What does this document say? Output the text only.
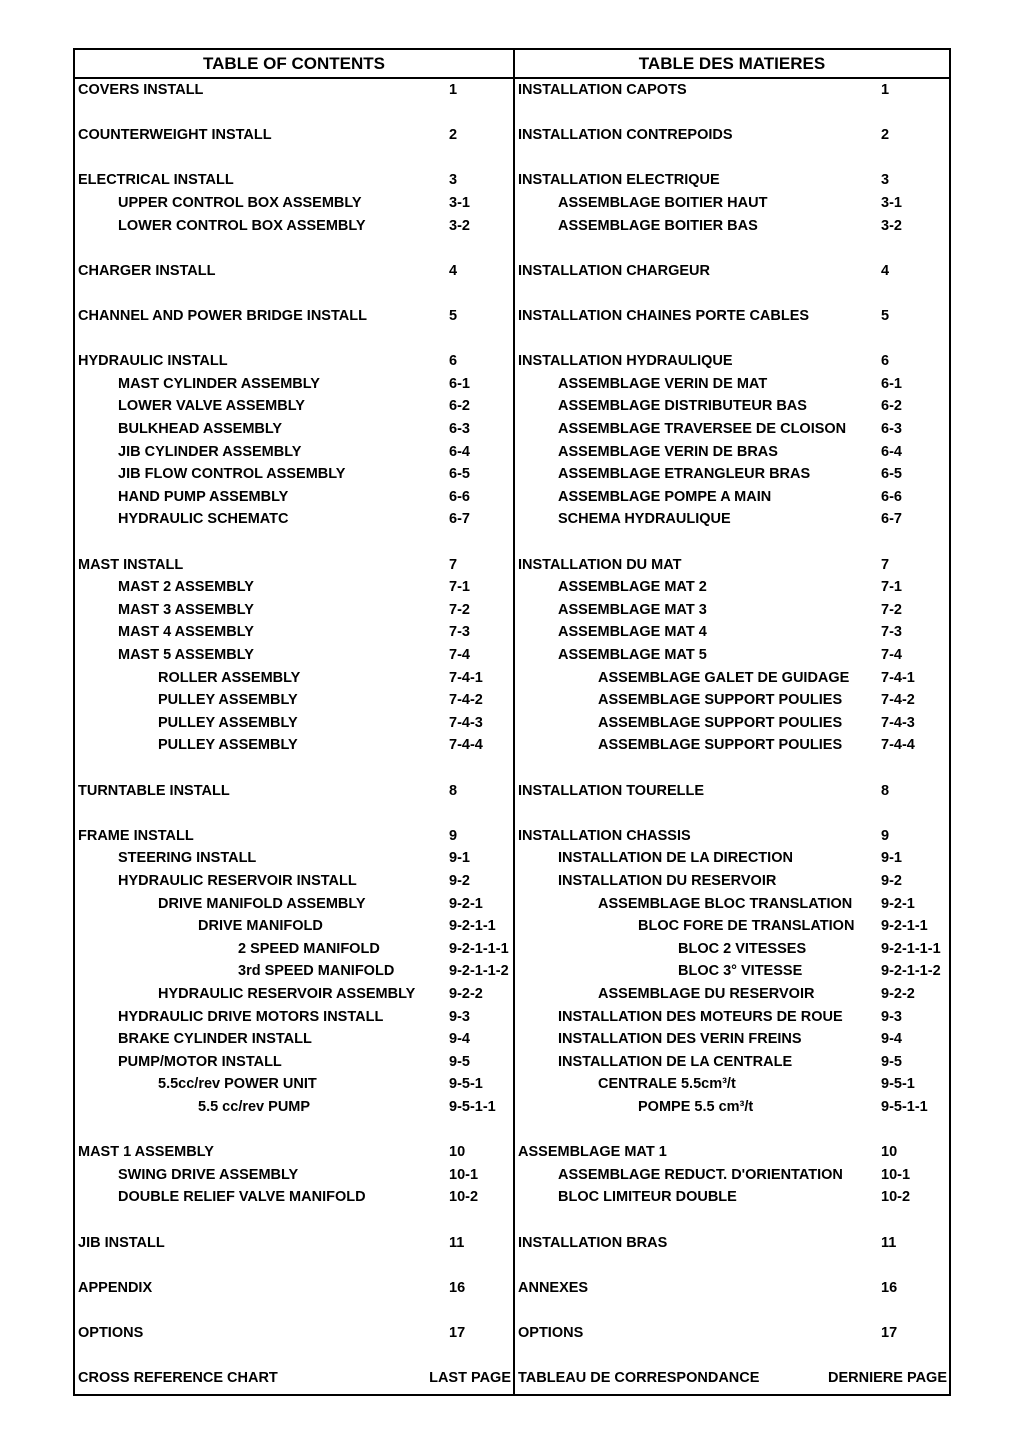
TABLE OF CONTENTS
COVERS INSTALL	1
COUNTERWEIGHT INSTALL	2
ELECTRICAL INSTALL	3
UPPER CONTROL BOX ASSEMBLY	3-1
LOWER CONTROL BOX ASSEMBLY	3-2
CHARGER INSTALL	4
CHANNEL AND POWER BRIDGE INSTALL	5
HYDRAULIC INSTALL	6
MAST CYLINDER ASSEMBLY	6-1
LOWER VALVE ASSEMBLY	6-2
BULKHEAD ASSEMBLY	6-3
JIB CYLINDER ASSEMBLY	6-4
JIB FLOW CONTROL ASSEMBLY	6-5
HAND PUMP ASSEMBLY	6-6
HYDRAULIC SCHEMATC	6-7
MAST INSTALL	7
MAST 2 ASSEMBLY	7-1
MAST 3 ASSEMBLY	7-2
MAST 4 ASSEMBLY	7-3
MAST 5 ASSEMBLY	7-4
ROLLER ASSEMBLY	7-4-1
PULLEY ASSEMBLY	7-4-2
PULLEY ASSEMBLY	7-4-3
PULLEY ASSEMBLY	7-4-4
TURNTABLE INSTALL	8
FRAME INSTALL	9
STEERING INSTALL	9-1
HYDRAULIC RESERVOIR INSTALL	9-2
DRIVE MANIFOLD ASSEMBLY	9-2-1
DRIVE MANIFOLD	9-2-1-1
2 SPEED MANIFOLD	9-2-1-1-1
3rd SPEED MANIFOLD	9-2-1-1-2
HYDRAULIC RESERVOIR ASSEMBLY 9-2-2
HYDRAULIC DRIVE MOTORS INSTALL	9-3
BRAKE CYLINDER INSTALL	9-4
PUMP/MOTOR INSTALL	9-5
5.5cc/rev POWER UNIT	9-5-1
5.5 cc/rev PUMP	9-5-1-1
MAST 1 ASSEMBLY	10
SWING DRIVE ASSEMBLY	10-1
DOUBLE RELIEF VALVE MANIFOLD	10-2
JIB INSTALL	11
APPENDIX	16
OPTIONS	17
CROSS REFERENCE CHART	LAST PAGE
TABLE DES MATIERES
INSTALLATION CAPOTS	1
INSTALLATION CONTREPOIDS	2
INSTALLATION ELECTRIQUE	3
ASSEMBLAGE BOITIER HAUT	3-1
ASSEMBLAGE BOITIER BAS	3-2
INSTALLATION CHARGEUR	4
INSTALLATION CHAINES PORTE CABLES	5
INSTALLATION HYDRAULIQUE	6
ASSEMBLAGE VERIN DE MAT	6-1
ASSEMBLAGE DISTRIBUTEUR BAS	6-2
ASSEMBLAGE TRAVERSEE DE CLOISON 6-3
ASSEMBLAGE VERIN DE BRAS	6-4
ASSEMBLAGE ETRANGLEUR BRAS	6-5
ASSEMBLAGE POMPE A MAIN	6-6
SCHEMA HYDRAULIQUE	6-7
INSTALLATION DU MAT	7
ASSEMBLAGE MAT 2	7-1
ASSEMBLAGE MAT 3	7-2
ASSEMBLAGE MAT 4	7-3
ASSEMBLAGE MAT 5	7-4
ASSEMBLAGE GALET DE GUIDAGE 7-4-1
ASSEMBLAGE SUPPORT POULIES	7-4-2
ASSEMBLAGE SUPPORT POULIES	7-4-3
ASSEMBLAGE SUPPORT POULIES	7-4-4
INSTALLATION TOURELLE	8
INSTALLATION CHASSIS	9
INSTALLATION DE LA DIRECTION	9-1
INSTALLATION DU RESERVOIR	9-2
ASSEMBLAGE BLOC TRANSLATION 9-2-1
BLOC FORE DE TRANSLATION 9-2-1-1
BLOC 2 VITESSES	9-2-1-1-1
BLOC 3° VITESSE	9-2-1-1-2
ASSEMBLAGE DU RESERVOIR	9-2-2
INSTALLATION DES MOTEURS DE ROUE	9-3
INSTALLATION DES VERIN FREINS	9-4
INSTALLATION DE LA CENTRALE	9-5
CENTRALE 5.5cm³/t	9-5-1
POMPE 5.5 cm³/t	9-5-1-1
ASSEMBLAGE MAT 1	10
ASSEMBLAGE REDUCT. D'ORIENTATION	10-1
BLOC LIMITEUR DOUBLE	10-2
INSTALLATION BRAS	11
ANNEXES	16
OPTIONS	17
TABLEAU DE CORRESPONDANCE	DERNIERE PAGE
